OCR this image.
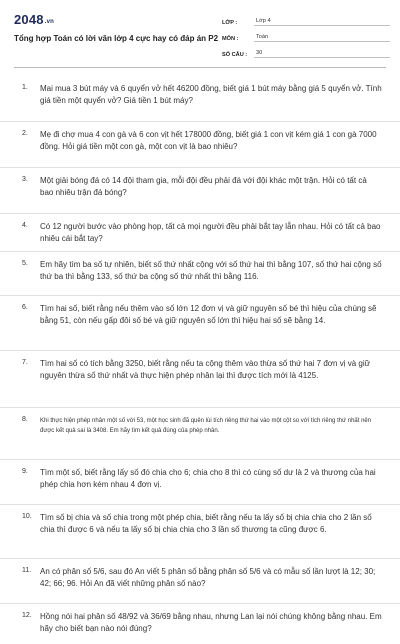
2048.vn
Tổng hợp Toán có lời văn lớp 4 cực hay có đáp án P2
LỚP :	Lớp 4
MÔN :	Toán
SỐ CÂU :	30
1. Mai mua 3 bút máy và 6 quyển vở hết 46200 đồng, biết giá 1 bút máy bằng giá 5 quyển vở. Tính giá tiền một quyển vở? Giá tiền 1 bút máy?
2. Mẹ đi chợ mua 4 con gà và 6 con vịt hết 178000 đồng, biết giá 1 con vịt kém giá 1 con gà 7000 đồng. Hỏi giá tiền một con gà, một con vịt là bao nhiêu?
3. Một giải bóng đá có 14 đội tham gia, mỗi đội đều phải đá với đội khác một trận. Hỏi có tất cả bao nhiêu trận đá bóng?
4. Có 12 người bước vào phòng họp, tất cả mọi người đều phải bắt tay lẫn nhau. Hỏi có tất cả bao nhiêu cái bắt tay?
5. Em hãy tìm ba số tự nhiên, biết số thứ nhất cộng với số thứ hai thì bằng 107, số thứ hai cộng số thứ ba thì bằng 133, số thứ ba cộng số thứ nhất thì bằng 116.
6. Tìm hai số, biết rằng nếu thêm vào số lớn 12 đơn vị và giữ nguyên số bé thì hiệu của chúng sẽ bằng 51, còn nếu gấp đôi số bé và giữ nguyên số lớn thì hiệu hai số sẽ bằng 14.
7. Tìm hai số có tích bằng 3250, biết rằng nếu ta cộng thêm vào thừa số thứ hai 7 đơn vị và giữ nguyên thừa số thứ nhất và thực hiện phép nhân lại thì được tích mới là 4125.
8. Khi thực hiện phép nhân một số với 53, một học sinh đã quên lùi tích riêng thứ hai vào một cột so với tích riêng thứ nhất nên được kết quả sai là 3408. Em hãy tìm kết quả đúng của phép nhân.
9. Tìm một số, biết rằng lấy số đó chia cho 6; chia cho 8 thì có cùng số dư là 2 và thương của hai phép chia hơn kém nhau 4 đơn vị.
10. Tìm số bị chia và số chia trong một phép chia, biết rằng nếu ta lấy số bị chia chia cho 2 lần số chia thì được 6 và nếu ta lấy số bị chia chia cho 3 lần số thương ta cũng được 6.
11. An có phân số 5/6, sau đó An viết 5 phân số bằng phân số 5/6 và có mẫu số lần lượt là 12; 30; 42; 66; 96. Hỏi An đã viết những phân số nào?
12. Hồng nói hai phân số 48/92 và 36/69 bằng nhau, nhưng Lan lại nói chúng không bằng nhau. Em hãy cho biết bạn nào nói đúng?
